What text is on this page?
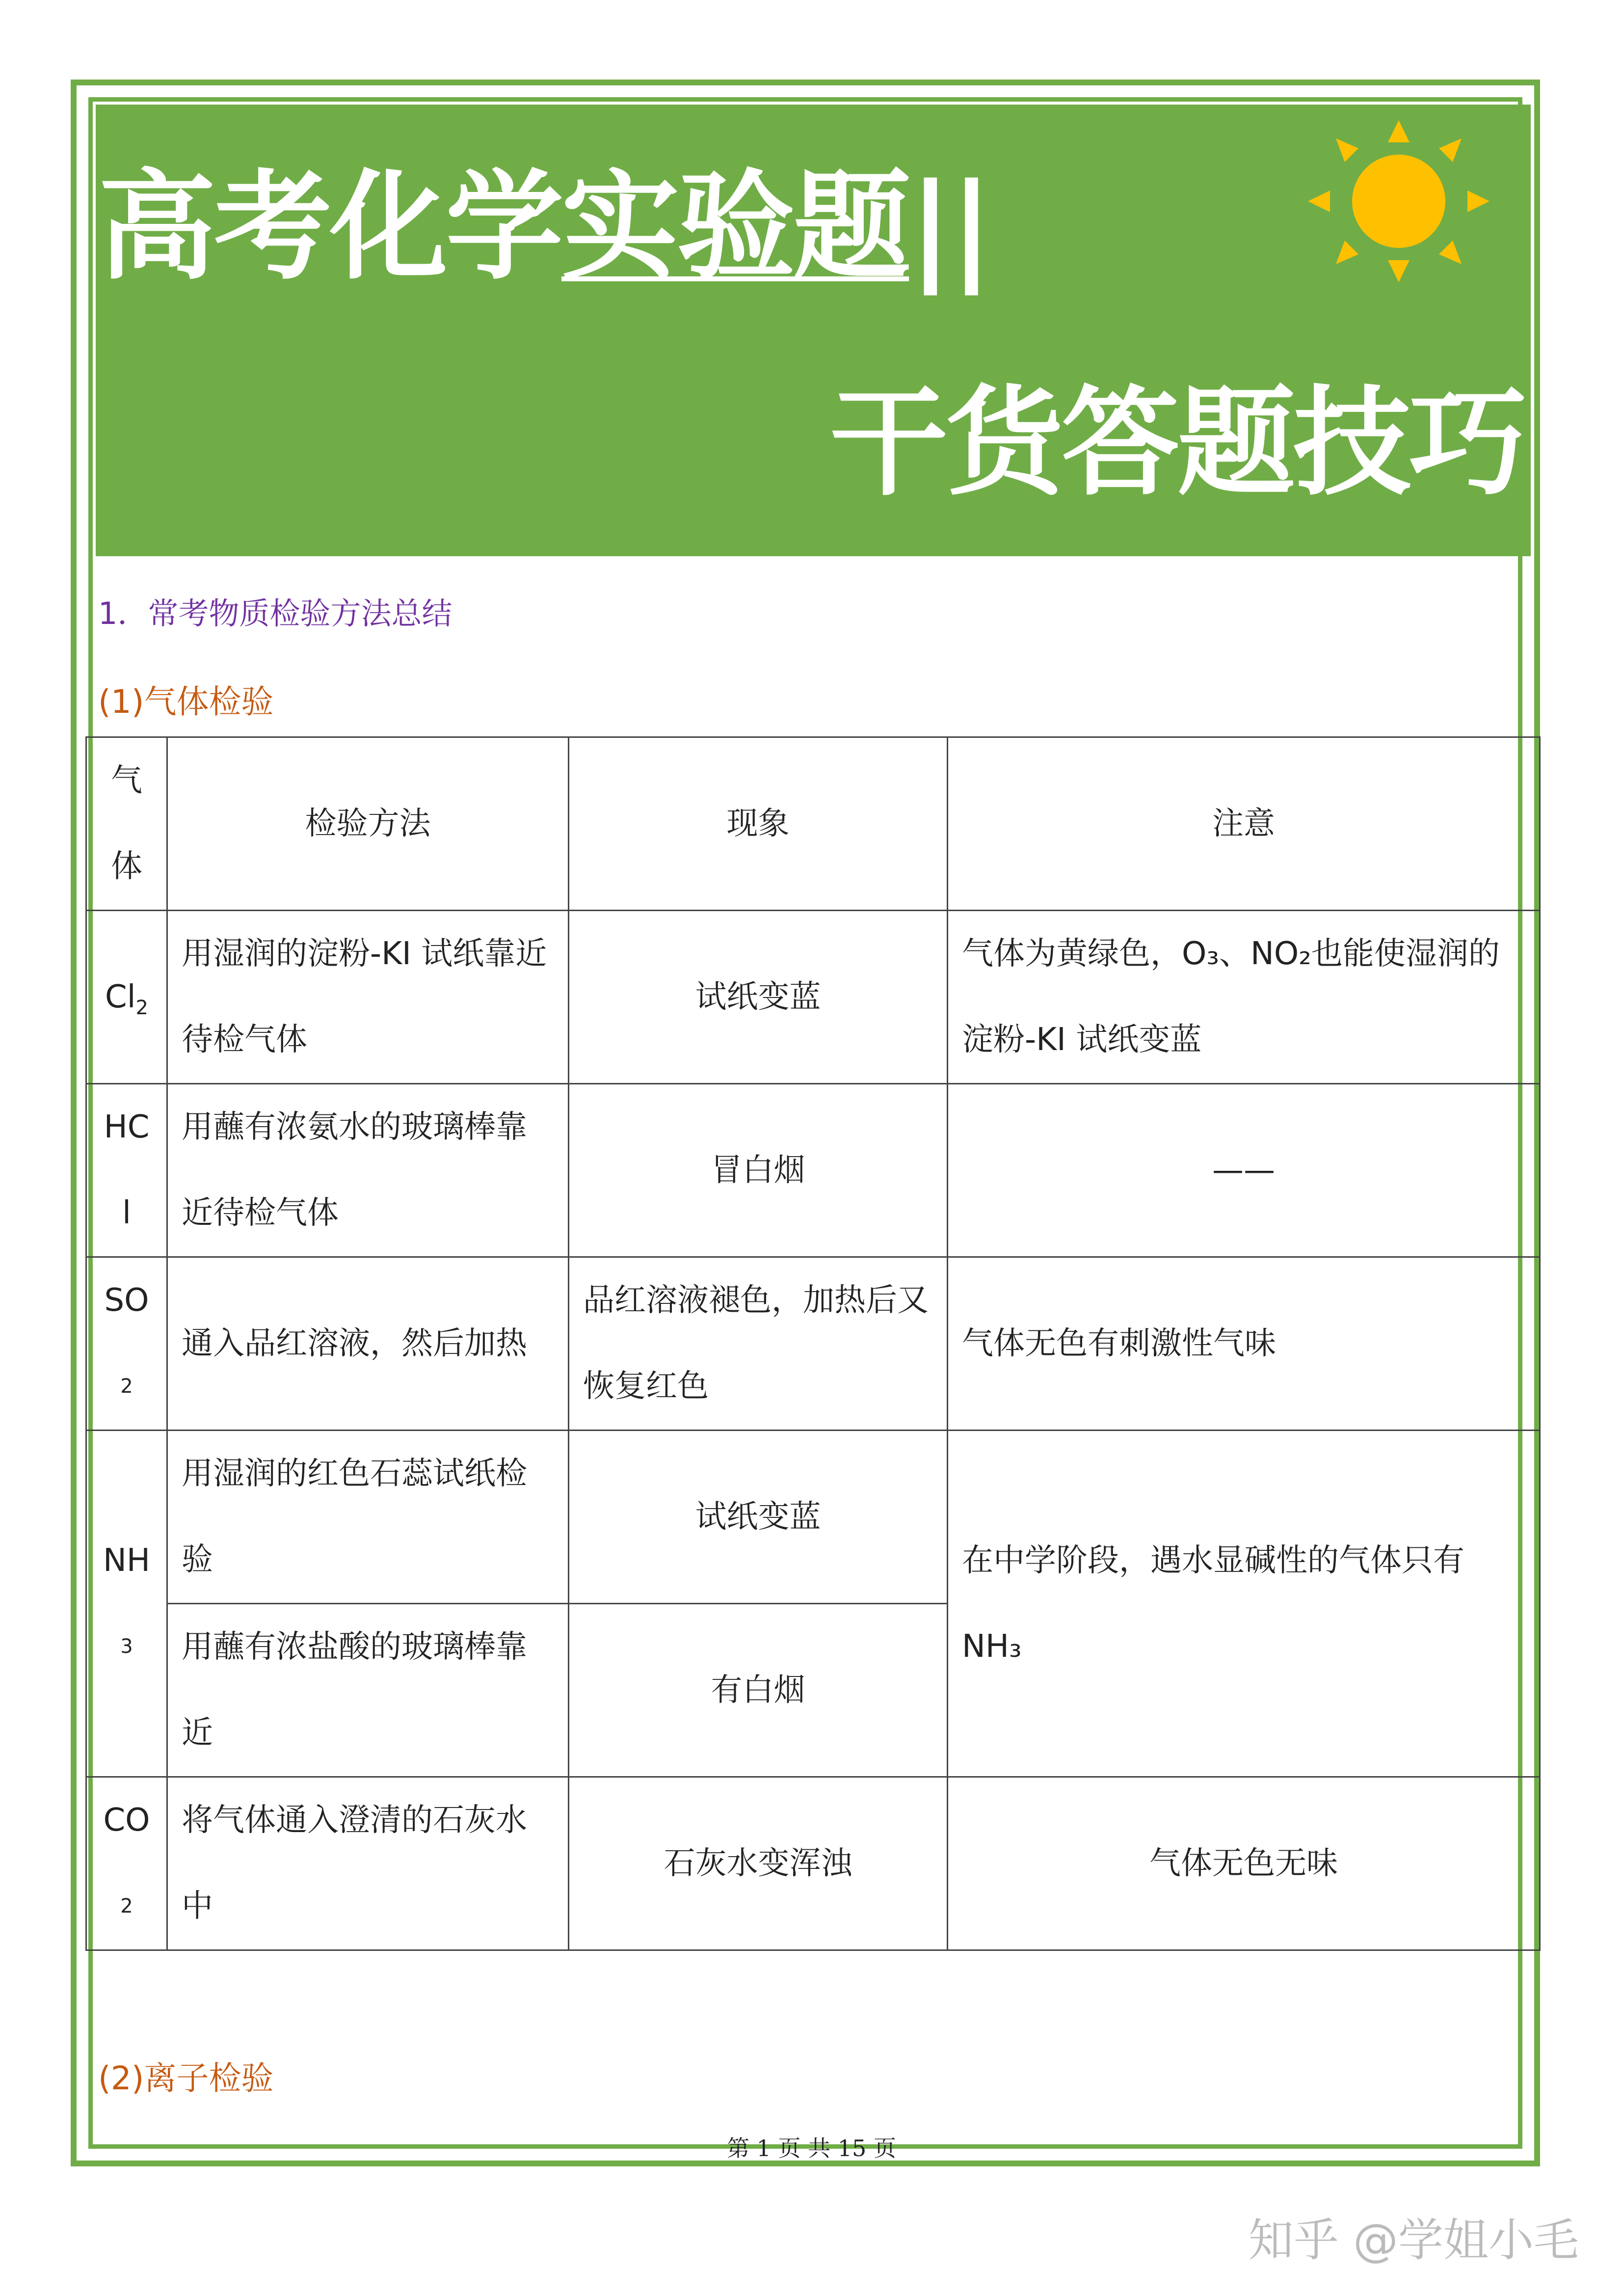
高考化学实验题||
干货答题技巧
1．常考物质检验方法总结
(1)气体检验
气体	检验方法	现象	注意

$Cl_2$	用湿润的淀粉-KI 试纸靠近待检气体	试纸变蓝	气体为黄绿色，O₃、NO₂也能使湿润的淀粉-KI 试纸变蓝

HCl	用蘸有浓氨水的玻璃棒靠近待检气体	冒白烟	——

SO
2	通入品红溶液，然后加热	品红溶液褪色，加热后又恢复红色	气体无色有刺激性气味

NH
3	用湿润的红色石蕊试纸检验	试纸变蓝	在中学阶段，遇水显碱性的气体只有 NH₃
	用蘸有浓盐酸的玻璃棒靠近	有白烟	

CO
2	将气体通入澄清的石灰水中	石灰水变浑浊	气体无色无味
(2)离子检验
第 1 页 共 15 页
知乎 @学姐小毛
